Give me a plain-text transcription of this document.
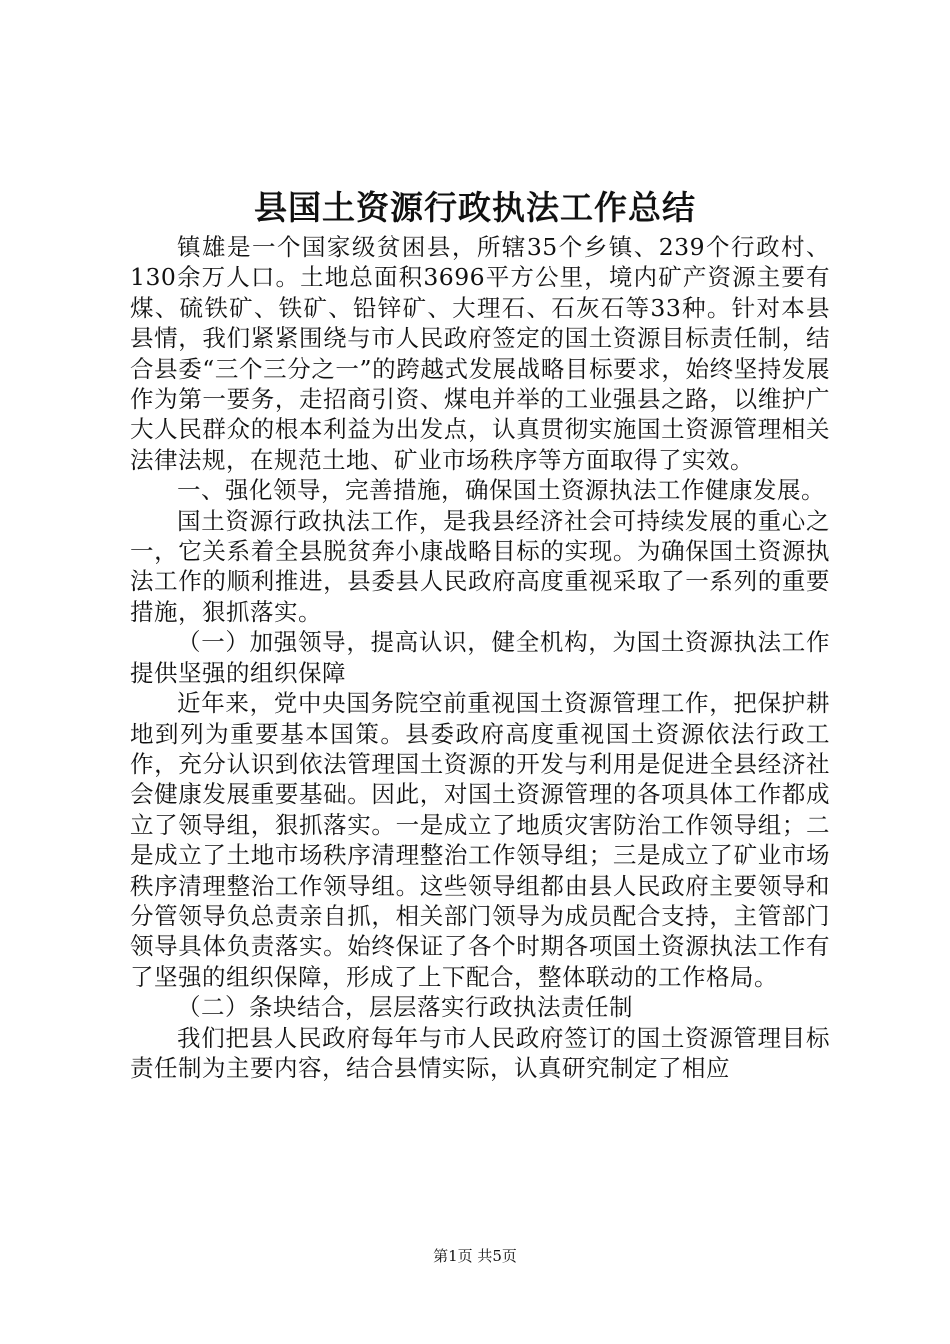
县国土资源行政执法工作总结

镇雄是一个国家级贫困县，所辖35个乡镇、239个行政村、130余万人口。土地总面积3696平方公里，境内矿产资源主要有煤、硫铁矿、铁矿、铅锌矿、大理石、石灰石等33种。针对本县县情，我们紧紧围绕与市人民政府签定的国土资源目标责任制，结合县委“三个三分之一”的跨越式发展战略目标要求，始终坚持发展作为第一要务，走招商引资、煤电并举的工业强县之路，以维护广大人民群众的根本利益为出发点，认真贯彻实施国土资源管理相关法律法规，在规范土地、矿业市场秩序等方面取得了实效。

一、强化领导，完善措施，确保国土资源执法工作健康发展。

国土资源行政执法工作，是我县经济社会可持续发展的重心之一，它关系着全县脱贫奔小康战略目标的实现。为确保国土资源执法工作的顺利推进，县委县人民政府高度重视采取了一系列的重要措施，狠抓落实。

（一）加强领导，提高认识，健全机构，为国土资源执法工作提供坚强的组织保障

近年来，党中央国务院空前重视国土资源管理工作，把保护耕地到列为重要基本国策。县委政府高度重视国土资源依法行政工作，充分认识到依法管理国土资源的开发与利用是促进全县经济社会健康发展重要基础。因此，对国土资源管理的各项具体工作都成立了领导组，狠抓落实。一是成立了地质灾害防治工作领导组；二是成立了土地市场秩序清理整治工作领导组；三是成立了矿业市场秩序清理整治工作领导组。这些领导组都由县人民政府主要领导和分管领导负总责亲自抓，相关部门领导为成员配合支持，主管部门领导具体负责落实。始终保证了各个时期各项国土资源执法工作有了坚强的组织保障，形成了上下配合，整体联动的工作格局。

（二）条块结合，层层落实行政执法责任制

我们把县人民政府每年与市人民政府签订的国土资源管理目标责任制为主要内容，结合县情实际，认真研究制定了相应

第1页 共5页
